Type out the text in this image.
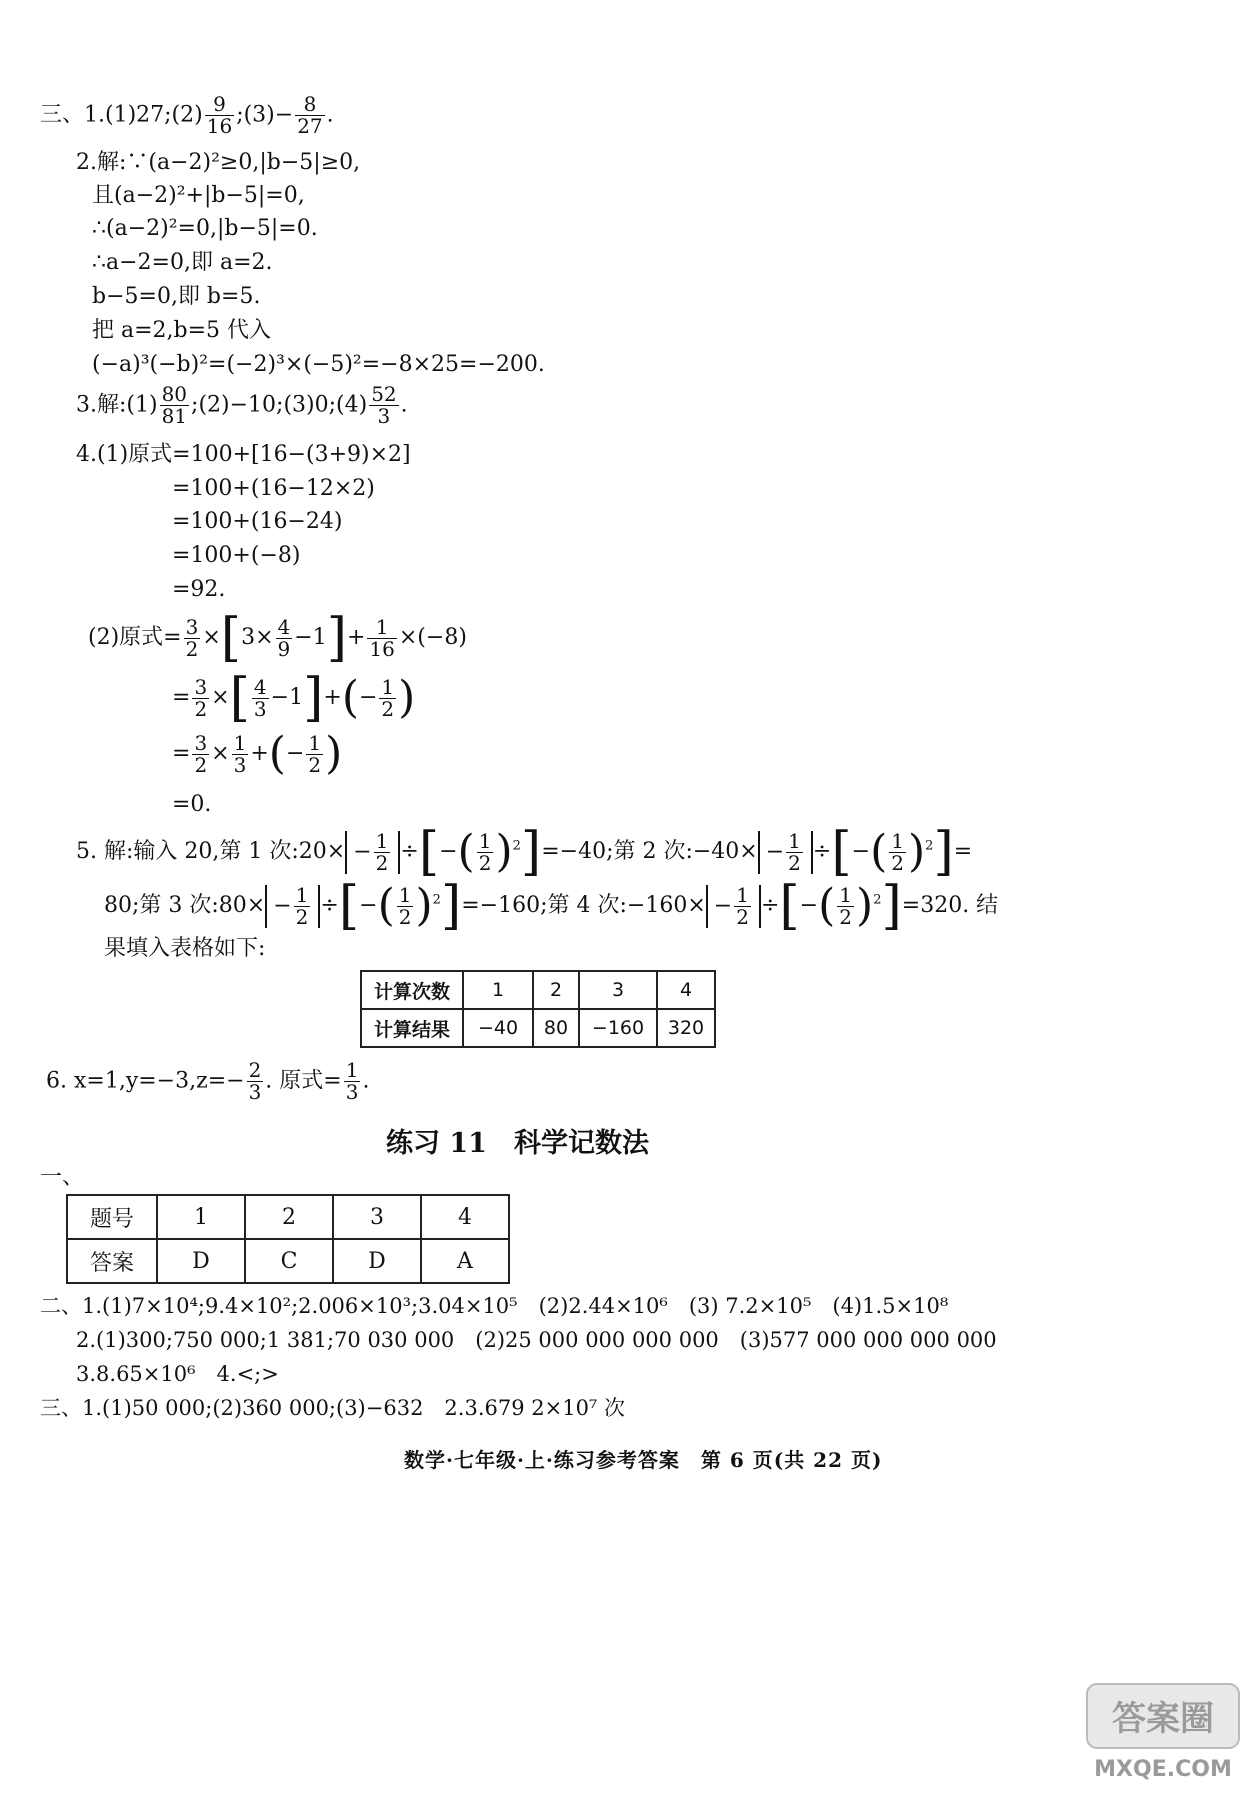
三、1.(1)27;(2) $\frac{9}{16}$ ;(3)− $\frac{8}{27}$ .
2.解:∵(a−2)²≥0,|b−5|≥0,
且(a−2)²+|b−5|=0,
∴(a−2)²=0,|b−5|=0.
∴a−2=0,即 a=2.
b−5=0,即 b=5.
把 a=2,b=5 代入
(−a)³(−b)²=(−2)³×(−5)²=−8×25=−200.
3.解:(1) $\frac{80}{81}$ ;(2)−10;(3)0;(4) $\frac{52}{3}$ .
4.(1)原式=100+[16−(3+9)×2]
=100+(16−12×2)
=100+(16−24)
=100+(−8)
=92.
(2)原式= $\frac{3}{2} \times[3\times \frac{4}{9} -1]+ \frac{1}{16} \times(-8)$
= $\frac{3}{2}$ ×[ $\frac{4}{3} -1]+(- \frac{1}{2}$ )
= $\frac{3}{2} \times \frac{1}{3}$ +(− $\frac{1}{2}$ )
=0.
5. 解:输入 20,第 1 次:20× − $\frac{1}{2}$ ÷[−( $\frac{1}{2} )^2]=-40$;第 2 次:−40× − $\frac{1}{2}$ ÷[−( $\frac{1}{2} )^2]=$
80;第 3 次:80× − $\frac{1}{2}$ ÷[−( $\frac{1}{2} )^2]=-160$;第 4 次:−160× − $\frac{1}{2}$ ÷[−( $\frac{1}{2} )^2]=320$. 结
果填入表格如下:
计算次数	1	2	3	4
计算结果	−40	80	−160	320
6. $x=1,y=-3,z=- \frac{2}{3}$ . 原式= $\frac{1}{3}$ .
练习 11　科学记数法
一、
题号	1	2	3	4
答案	D	C	D	A
二、1.(1)7×10⁴;9.4×10²;2.006×10³;3.04×10⁵　(2)2.44×10⁶　(3) 7.2×10⁵　(4)1.5×10⁸
2.(1)300;750 000;1 381;70 030 000　(2)25 000 000 000 000　(3)577 000 000 000 000
3.8.65×10⁶　4.<;>
三、1.(1)50 000;(2)360 000;(3)−632　2.3.679 2×10⁷ 次
数学·七年级·上·练习参考答案　第 6 页(共 22 页)
答案圈
MXQE.COM
